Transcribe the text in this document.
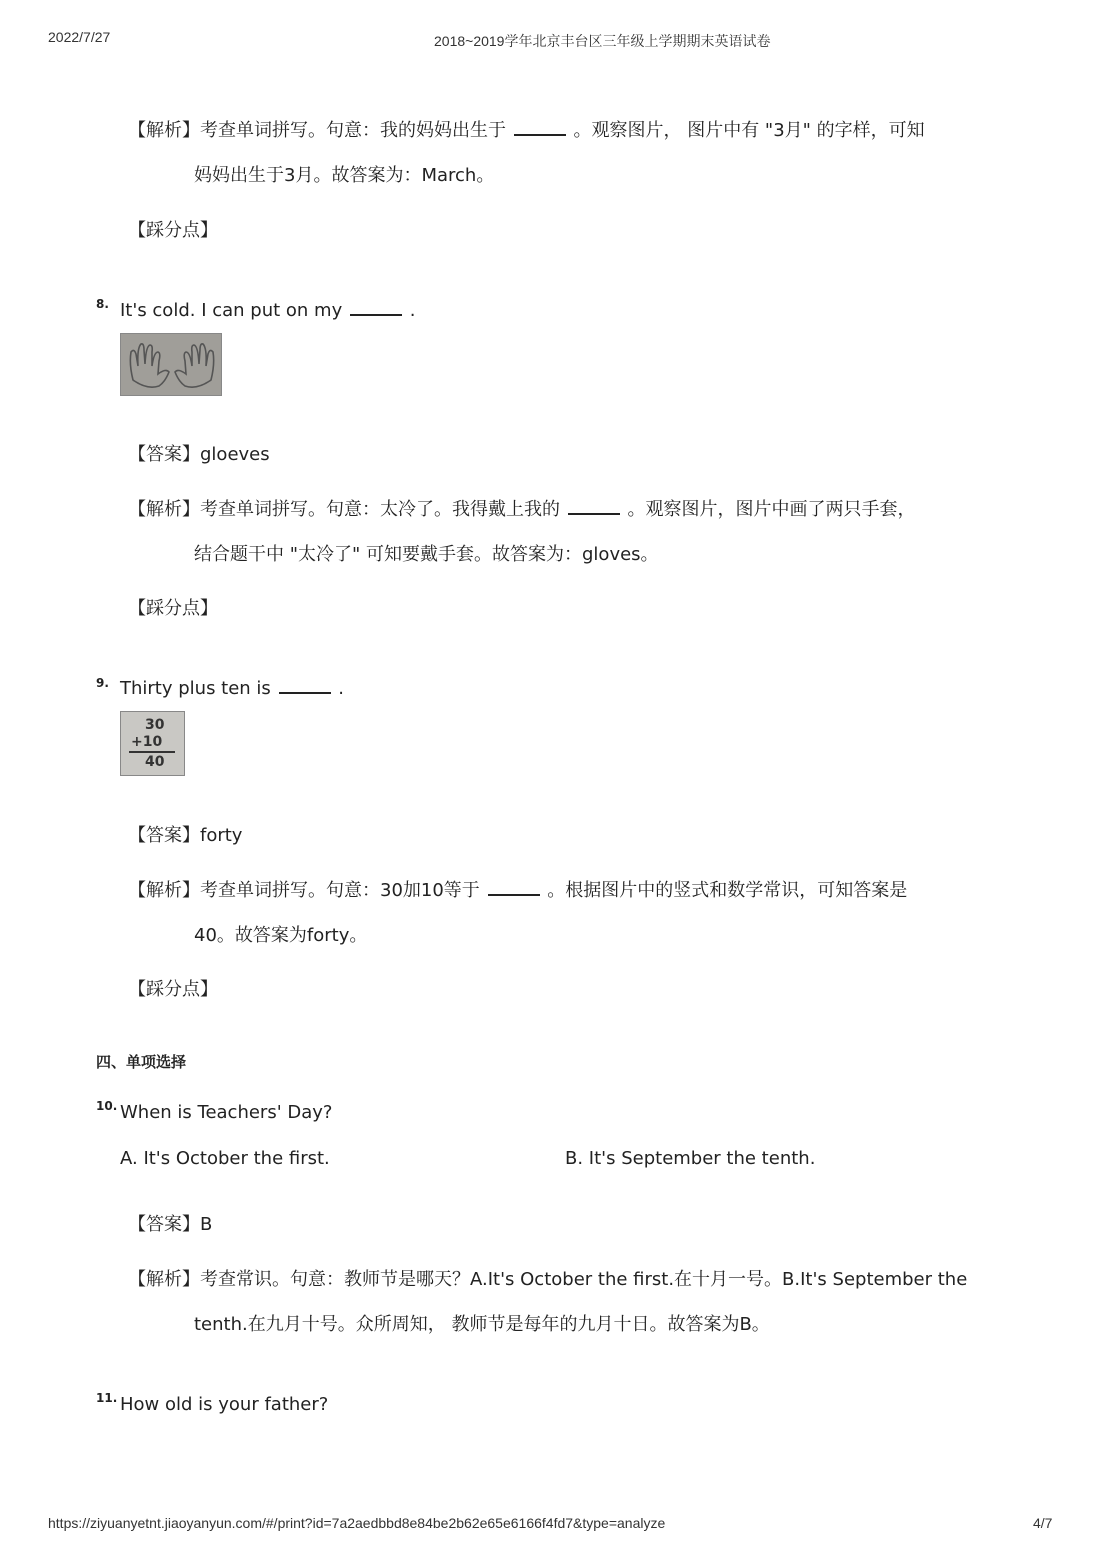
2022/7/27	2018~2019学年北京丰台区三年级上学期期末英语试卷
【解析】考查单词拼写。句意：我的妈妈出生于	。观察图片， 图片中有 "3月" 的字样，可知
妈妈出生于3月。故答案为：March。
【踩分点】
8. It's cold. I can put on my	.
【答案】gloeves
【解析】考查单词拼写。句意：太冷了。我得戴上我的	。观察图片，图片中画了两只手套，
结合题干中 "太冷了" 可知要戴手套。故答案为：gloves。
【踩分点】
9. Thirty plus ten is	.
30
+10
40
【答案】forty
【解析】考查单词拼写。句意：30加10等于	。根据图片中的竖式和数学常识，可知答案是
40。故答案为forty。
【踩分点】
四、单项选择
10. When is Teachers' Day?
A. It's October the first.	B. It's September the tenth.
【答案】B
【解析】考查常识。句意：教师节是哪天？A.It's October the first.在十月一号。B.It's September the
tenth.在九月十号。众所周知， 教师节是每年的九月十日。故答案为B。
11. How old is your father?
https://ziyuanyetnt.jiaoyanyun.com/#/print?id=7a2aedbbd8e84be2b62e65e6166f4fd7&type=analyze	4/7
